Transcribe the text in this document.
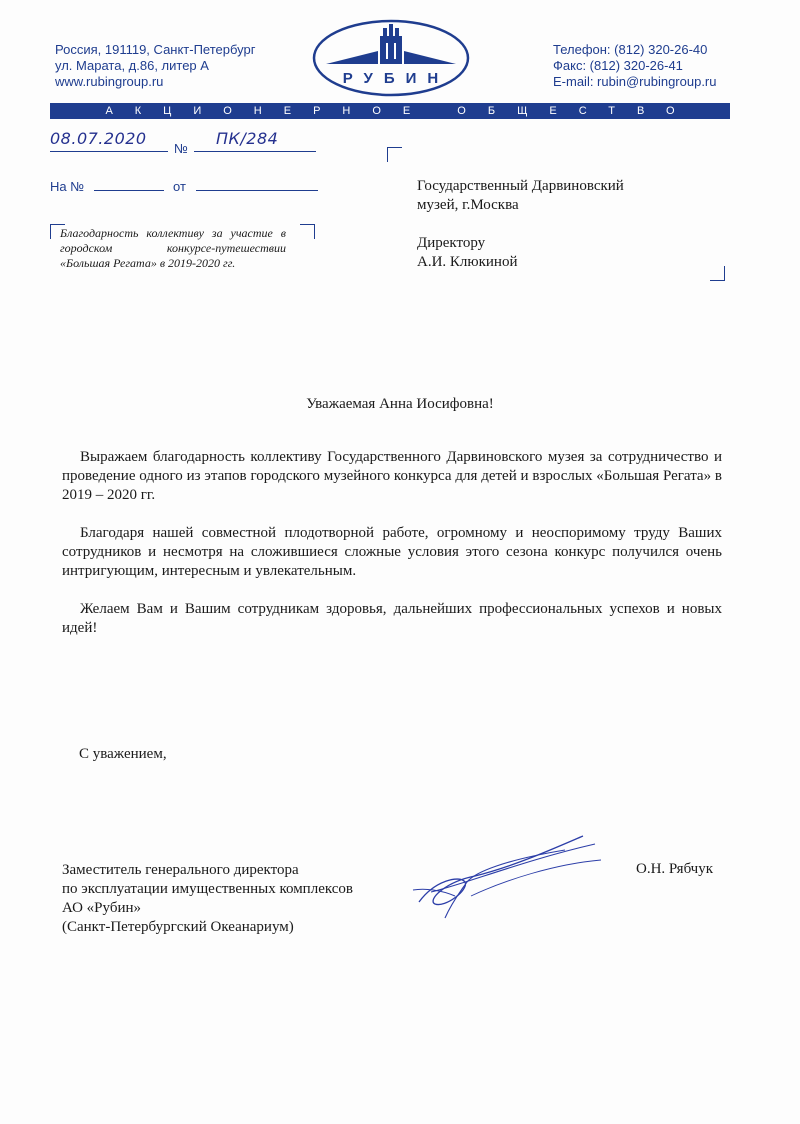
Россия, 191119, Санкт-Петербург
ул. Марата, д.86, литер А
www.rubingroup.ru	РУБИН
Телефон: (812) 320-26-40
Факс: (812) 320-26-41
E-mail: rubin@rubingroup.ru
АКЦИОНЕРНОЕ ОБЩЕСТВО
08.07.2020
№
ПК/284
На №	от
Благодарность коллективу за участие в городском конкурсе-путешествии «Большая Регата» в 2019-2020 гг.
Государственный Дарвиновский
музей, г.Москва
Директору
А.И. Клюкиной
Уважаемая Анна Иосифовна!

Выражаем благодарность коллективу Государственного Дарвиновского музея за сотрудничество и проведение одного из этапов городского музейного конкурса для детей и взрослых «Большая Регата» в 2019 – 2020 гг.

Благодаря нашей совместной плодотворной работе, огромному и неоспоримому труду Ваших сотрудников и несмотря на сложившиеся сложные условия этого сезона конкурс получился очень интригующим, интересным и увлекательным.

Желаем Вам и Вашим сотрудникам здоровья, дальнейших профессиональных успехов и новых идей!

С уважением,
Заместитель генерального директора
по эксплуатации имущественных комплексов
АО «Рубин»
(Санкт-Петербургский Океанариум)
О.Н. Рябчук
